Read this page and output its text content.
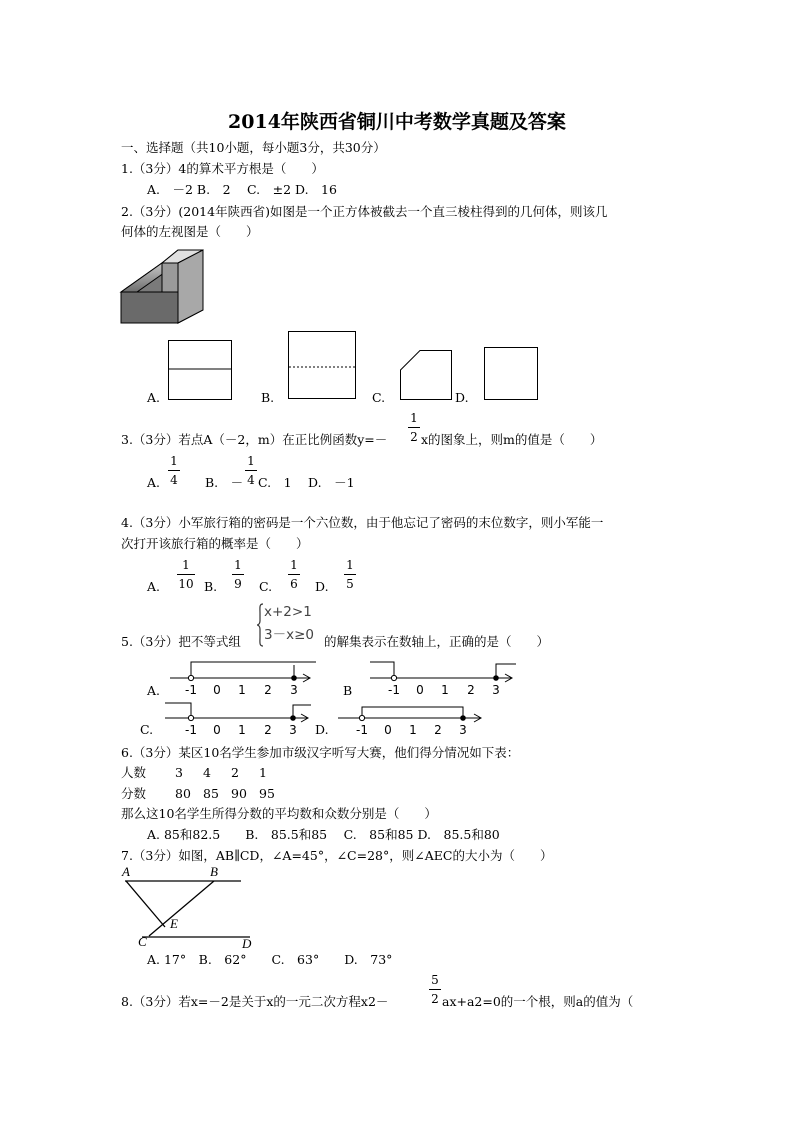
2014年陕西省铜川中考数学真题及答案
一、选择题（共10小题，每小题3分，共30分）
1.（3分）4的算术平方根是（　　）
A.　－2 B.　2　 C.　±2 D.　16
2.（3分）(2014年陕西省)如图是一个正方体被截去一个直三棱柱得到的几何体，则该几
何体的左视图是（　　）
A.	B.	C.	D.
3.（3分）若点A（－2，m）在正比例函数y=－
1
2 x的图象上，则m的值是（　　）
A.
1
4 B.　－
1
4 C.　1　 D.　－1
4.（3分）小军旅行箱的密码是一个六位数，由于他忘记了密码的末位数字，则小军能一
次打开该旅行箱的概率是（　　）
A.
1
10 B.
1
9 C.
1
6 D.
1
5
5.（3分）把不等式组
x+2>1
3－x≥0 的解集表示在数轴上，正确的是（　　）
A. -1 0 1 2 3	B	-1 0 1 2 3
C.	-1 0 1 2 3 D. -1 0 1 2 3
6.（3分）某区10名学生参加市级汉字听写大赛，他们得分情况如下表：
人数 3 4 2 1
分数 80 85 90 95
那么这10名学生所得分数的平均数和众数分别是（　　）
A. 85和82.5　　B.　85.5和85　 C.　85和85 D.　85.5和80
7.（3分）如图，AB∥CD，∠A=45°，∠C=28°，则∠AEC的大小为（　　）
A	B
E
C	D
A. 17°　B.　62°　　C.　63°　　D.　73°
8.（3分）若x=－2是关于x的一元二次方程x2－
5
2 ax+a2=0的一个根，则a的值为（
